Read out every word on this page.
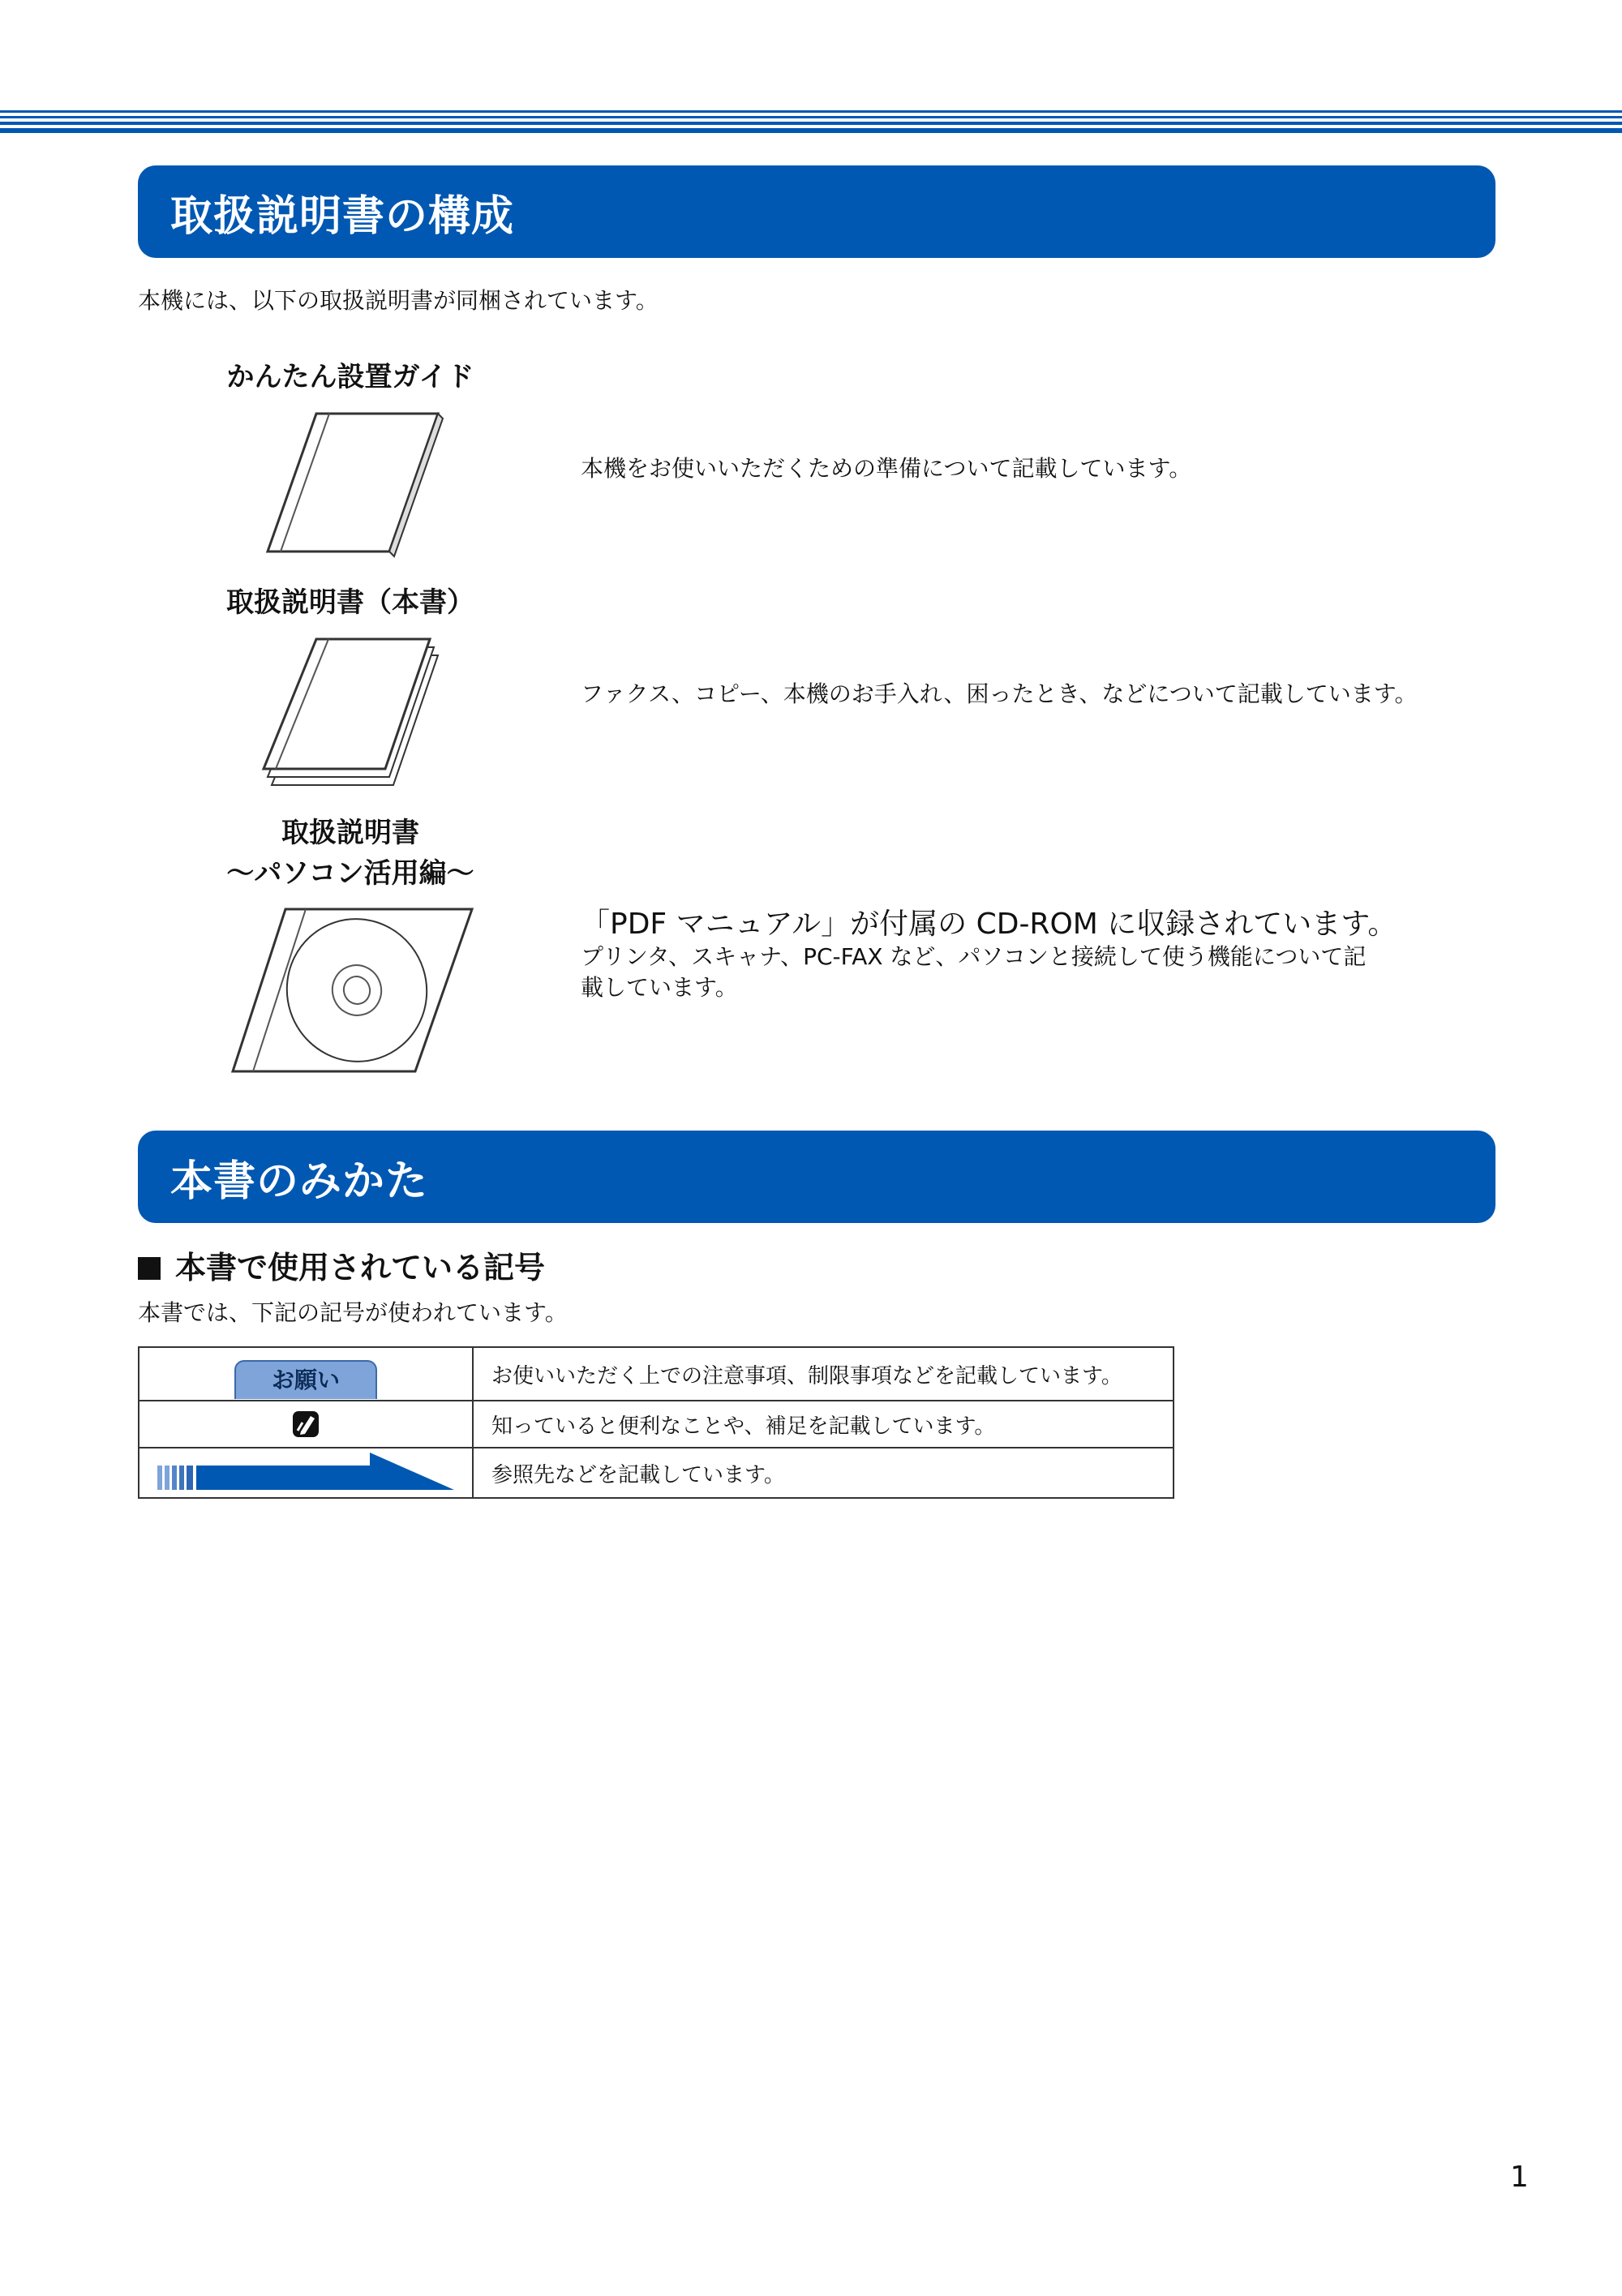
取扱説明書の構成
本機には、以下の取扱説明書が同梱されています。
かんたん設置ガイド
本機をお使いいただくための準備について記載しています。
取扱説明書（本書）
ファクス、コピー、本機のお手入れ、困ったとき、などについて記載しています。
取扱説明書
〜パソコン活用編〜
「PDF マニュアル」が付属の CD-ROM に収録されています。
プリンタ、スキャナ、PC-FAX など、パソコンと接続して使う機能について記
載しています。
本書のみかた
本書で使用されている記号
本書では、下記の記号が使われています。
お願い	お使いいただく上での注意事項、制限事項などを記載しています。
	知っていると便利なことや、補足を記載しています。
	参照先などを記載しています。
1
